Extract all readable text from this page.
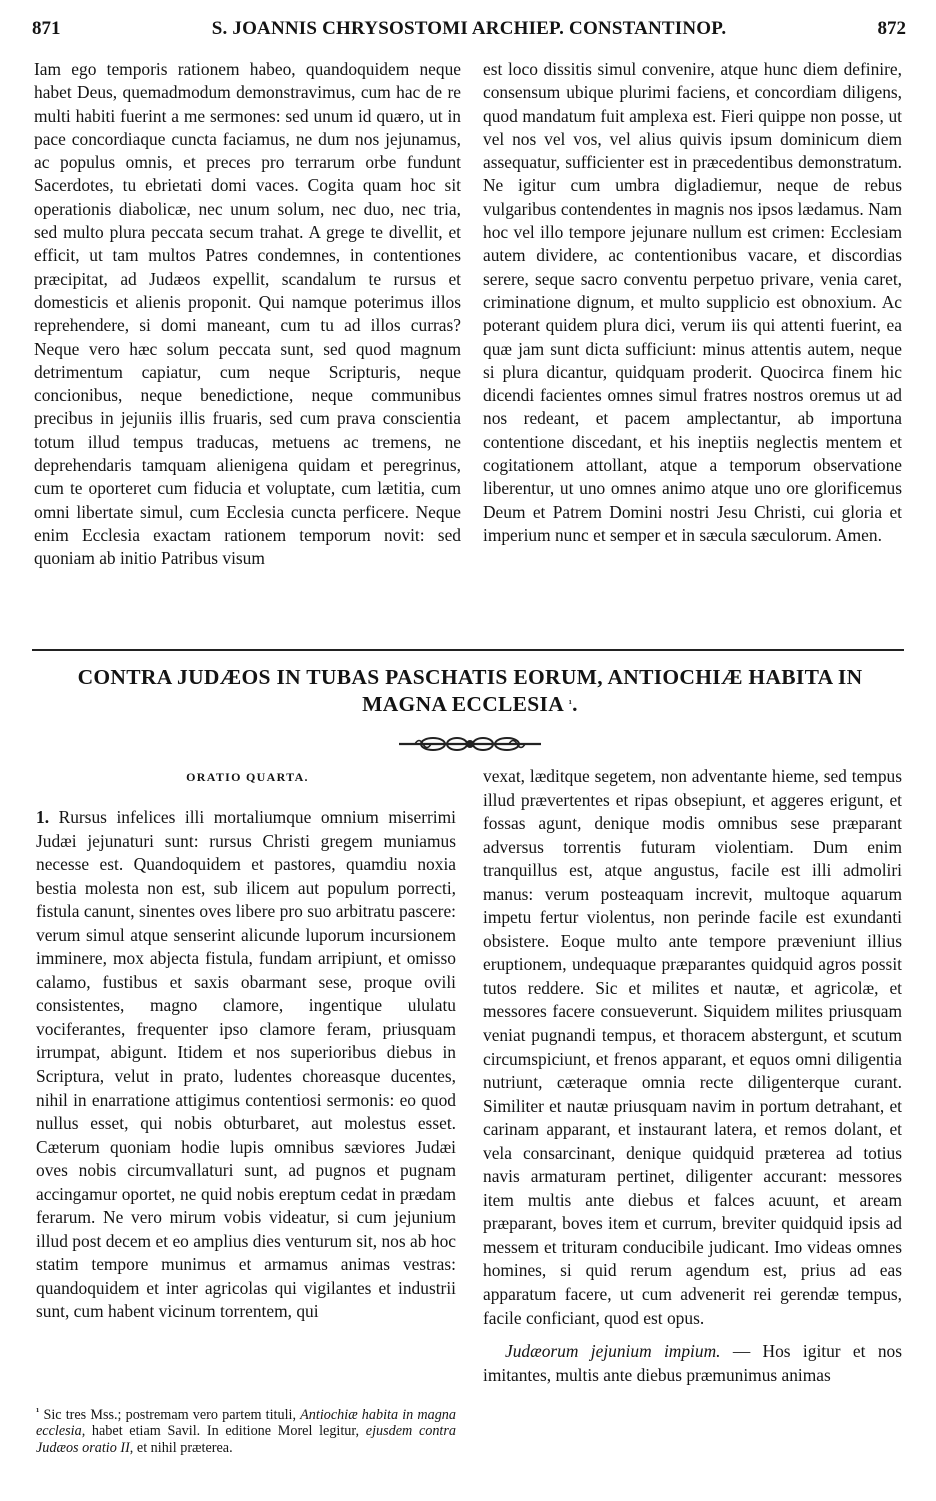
871	S. JOANNIS CHRYSOSTOMI ARCHIEP. CONSTANTINOP.	872

Iam ego temporis rationem habeo, quandoquidem neque habet Deus, quemadmodum demonstravimus, cum hac de re multi habiti fuerint a me sermones: sed unum id quæro, ut in pace concordiaque cuncta faciamus, ne dum nos jejunamus, ac populus omnis, et preces pro terrarum orbe fundunt Sacerdotes, tu ebrietati domi vaces. Cogita quam hoc sit operationis diabolicæ, nec unum solum, nec duo, nec tria, sed multo plura peccata secum trahat. A grege te divellit, et efficit, ut tam multos Patres condemnes, in contentiones præcipitat, ad Judæos expellit, scandalum te rursus et domesticis et alienis proponit. Qui namque poterimus illos reprehendere, si domi maneant, cum tu ad illos curras? Neque vero hæc solum peccata sunt, sed quod magnum detrimentum capiatur, cum neque Scripturis, neque concionibus, neque benedictione, neque communibus precibus in jejuniis illis fruaris, sed cum prava conscientia totum illud tempus traducas, metuens ac tremens, ne deprehendaris tamquam alienigena quidam et peregrinus, cum te oporteret cum fiducia et voluptate, cum lætitia, cum omni libertate simul, cum Ecclesia cuncta perficere. Neque enim Ecclesia exactam rationem temporum novit: sed quoniam ab initio Patribus visum

est loco dissitis simul convenire, atque hunc diem definire, consensum ubique plurimi faciens, et concordiam diligens, quod mandatum fuit amplexa est. Fieri quippe non posse, ut vel nos vel vos, vel alius quivis ipsum dominicum diem assequatur, sufficienter est in præcedentibus demonstratum. Ne igitur cum umbra digladiemur, neque de rebus vulgaribus contendentes in magnis nos ipsos lædamus. Nam hoc vel illo tempore jejunare nullum est crimen: Ecclesiam autem dividere, ac contentionibus vacare, et discordias serere, seque sacro conventu perpetuo privare, venia caret, criminatione dignum, et multo supplicio est obnoxium. Ac poterant quidem plura dici, verum iis qui attenti fuerint, ea quæ jam sunt dicta sufficiunt: minus attentis autem, neque si plura dicantur, quidquam proderit. Quocirca finem hic dicendi facientes omnes simul fratres nostros oremus ut ad nos redeant, et pacem amplectantur, ab importuna contentione discedant, et his ineptiis neglectis mentem et cogitationem attollant, atque a temporum observatione liberentur, ut uno omnes animo atque uno ore glorificemus Deum et Patrem Domini nostri Jesu Christi, cui gloria et imperium nunc et semper et in sæcula sæculorum. Amen.

CONTRA JUDÆOS IN TUBAS PASCHATIS EORUM, ANTIOCHIÆ HABITA IN MAGNA ECCLESIA ¹.
ORATIO QUARTA.

1. Rursus infelices illi mortaliumque omnium miserrimi Judæi jejunaturi sunt: rursus Christi gregem muniamus necesse est. Quandoquidem et pastores, quamdiu noxia bestia molesta non est, sub ilicem aut populum porrecti, fistula canunt, sinentes oves libere pro suo arbitratu pascere: verum simul atque senserint alicunde luporum incursionem imminere, mox abjecta fistula, fundam arripiunt, et omisso calamo, fustibus et saxis obarmant sese, proque ovili consistentes, magno clamore, ingentique ululatu vociferantes, frequenter ipso clamore feram, priusquam irrumpat, abigunt. Itidem et nos superioribus diebus in Scriptura, velut in prato, ludentes choreasque ducentes, nihil in enarratione attigimus contentiosi sermonis: eo quod nullus esset, qui nobis obturbaret, aut molestus esset. Cæterum quoniam hodie lupis omnibus sæviores Judæi oves nobis circumvallaturi sunt, ad pugnos et pugnam accingamur oportet, ne quid nobis ereptum cedat in prædam ferarum. Ne vero mirum vobis videatur, si cum jejunium illud post decem et eo amplius dies venturum sit, nos ab hoc statim tempore munimus et armamus animas vestras: quandoquidem et inter agricolas qui vigilantes et industrii sunt, cum habent vicinum torrentem, qui

vexat, læditque segetem, non adventante hieme, sed tempus illud prævertentes et ripas obsepiunt, et aggeres erigunt, et fossas agunt, denique modis omnibus sese præparant adversus torrentis futuram violentiam. Dum enim tranquillus est, atque angustus, facile est illi admoliri manus: verum posteaquam increvit, multoque aquarum impetu fertur violentus, non perinde facile est exundanti obsistere. Eoque multo ante tempore præveniunt illius eruptionem, undequaque præparantes quidquid agros possit tutos reddere. Sic et milites et nautæ, et agricolæ, et messores facere consueverunt. Siquidem milites priusquam veniat pugnandi tempus, et thoracem abstergunt, et scutum circumspiciunt, et frenos apparant, et equos omni diligentia nutriunt, cæteraque omnia recte diligenterque curant. Similiter et nautæ priusquam navim in portum detrahant, et carinam apparant, et instaurant latera, et remos dolant, et vela consarcinant, denique quidquid præterea ad totius navis armaturam pertinet, diligenter accurant: messores item multis ante diebus et falces acuunt, et aream præparant, boves item et currum, breviter quidquid ipsis ad messem et trituram conducibile judicant. Imo videas omnes homines, si quid rerum agendum est, prius ad eas apparatum facere, ut cum advenerit rei gerendæ tempus, facile conficiant, quod est opus.

Judæorum jejunium impium. — Hos igitur et nos imitantes, multis ante diebus præmunimus animas

$^{^1}$ Sic tres Mss.; postremam vero partem tituli, Antiochiæ habita in magna ecclesia, habet etiam Savil. In editione Morel legitur, ejusdem contra Judæos oratio II, et nihil præterea.
